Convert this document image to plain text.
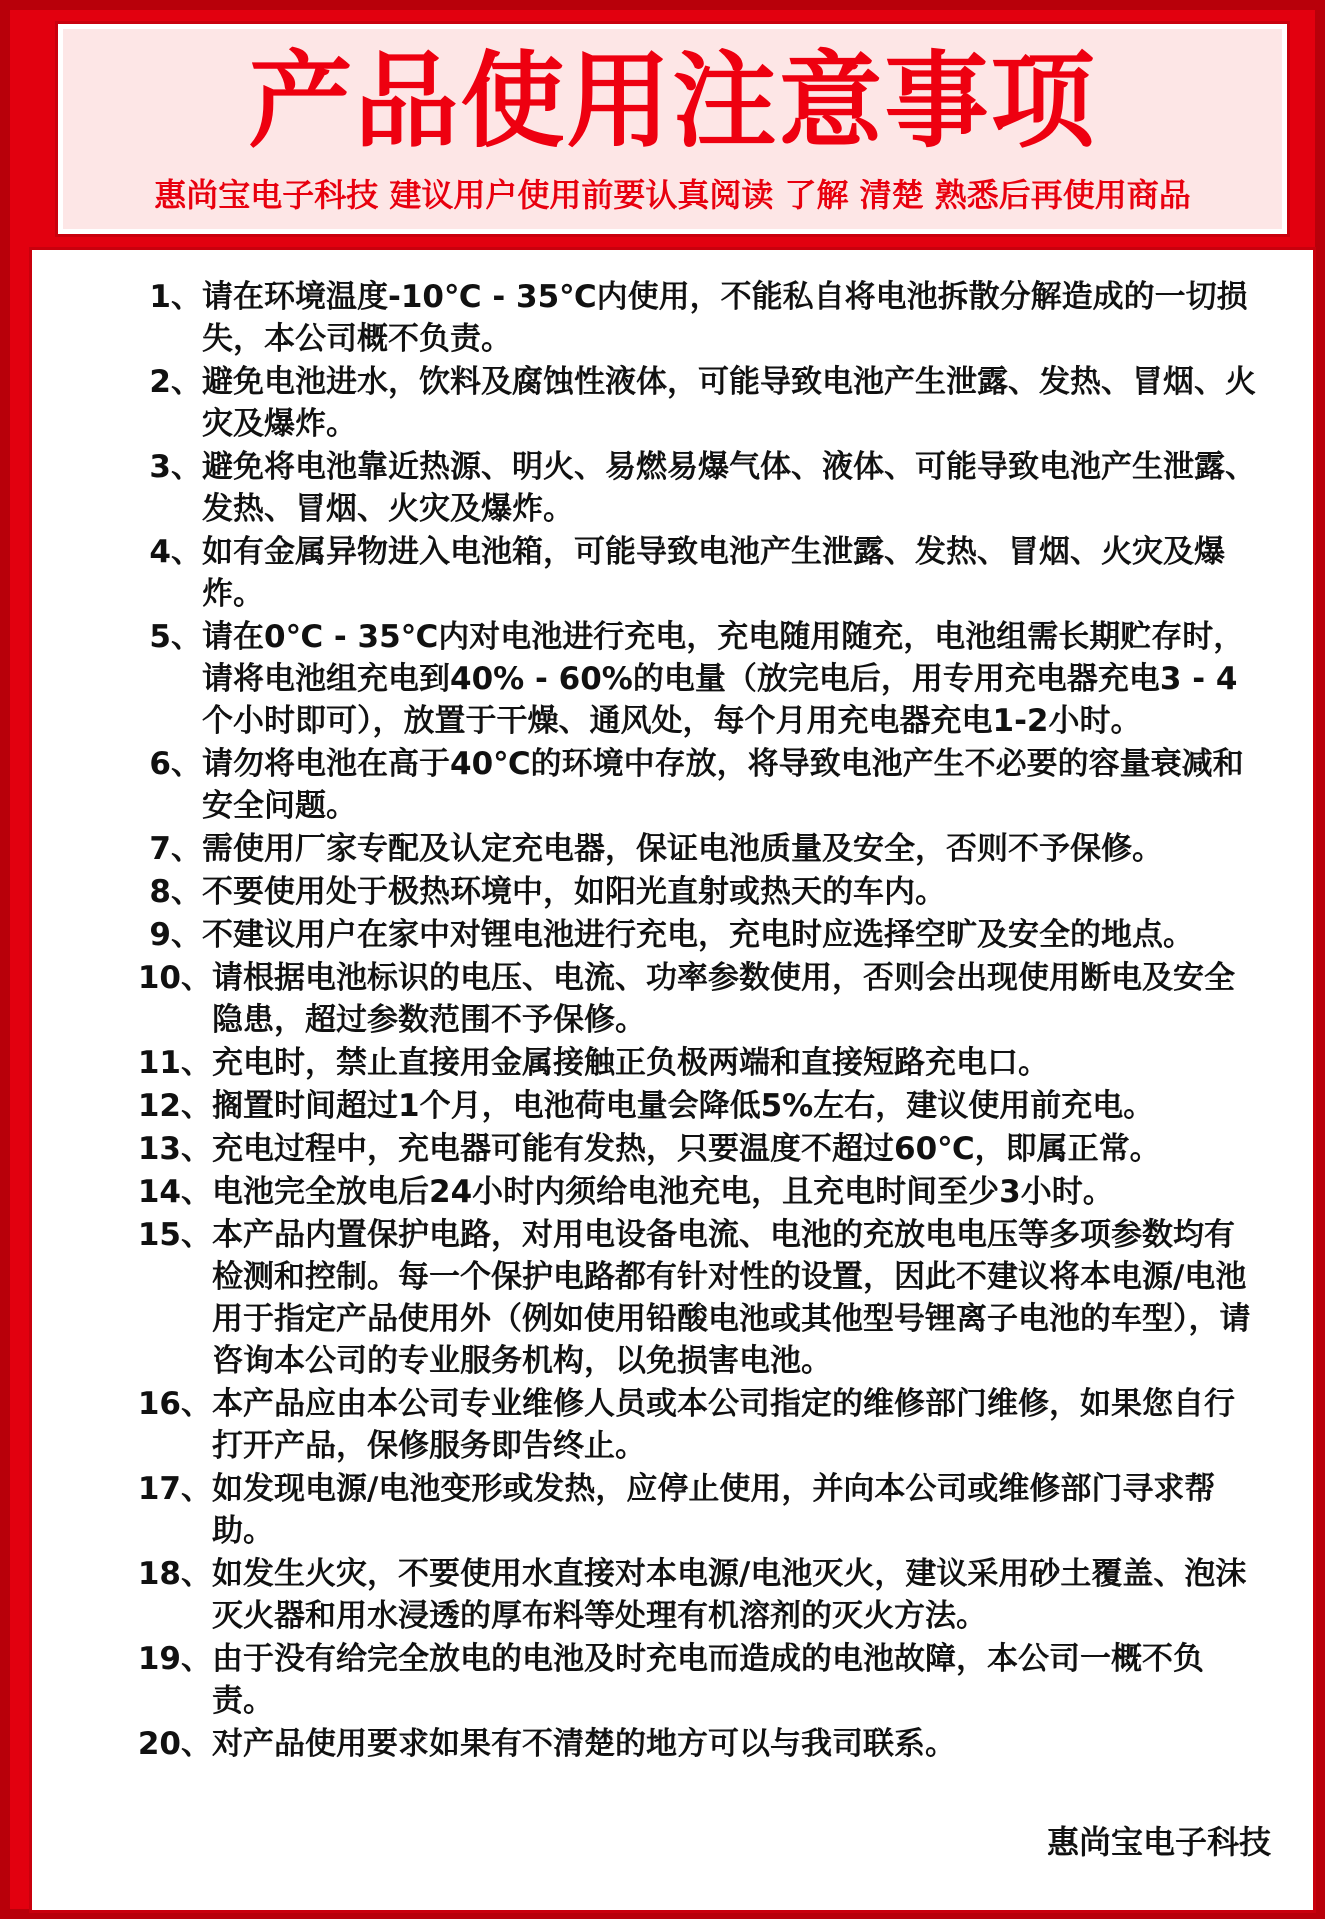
产品使用注意事项

惠尚宝电子科技 建议用户使用前要认真阅读 了解 清楚 熟悉后再使用商品

1、 请在环境温度-10℃ - 35℃内使用，不能私自将电池拆散分解造成的一切损失，本公司概不负责。
2、 避免电池进水，饮料及腐蚀性液体，可能导致电池产生泄露、发热、冒烟、火灾及爆炸。
3、 避免将电池靠近热源、明火、易燃易爆气体、液体、可能导致电池产生泄露、发热、冒烟、火灾及爆炸。
4、 如有金属异物进入电池箱，可能导致电池产生泄露、发热、冒烟、火灾及爆炸。
5、 请在0℃ - 35℃内对电池进行充电，充电随用随充，电池组需长期贮存时，请将电池组充电到40% - 60%的电量（放完电后，用专用充电器充电3 - 4个小时即可），放置于干燥、通风处，每个月用充电器充电1-2小时。
6、 请勿将电池在高于40℃的环境中存放，将导致电池产生不必要的容量衰减和安全问题。
7、 需使用厂家专配及认定充电器，保证电池质量及安全，否则不予保修。
8、 不要使用处于极热环境中，如阳光直射或热天的车内。
9、 不建议用户在家中对锂电池进行充电，充电时应选择空旷及安全的地点。
10、 请根据电池标识的电压、电流、功率参数使用，否则会出现使用断电及安全隐患，超过参数范围不予保修。
11、 充电时，禁止直接用金属接触正负极两端和直接短路充电口。
12、 搁置时间超过1个月，电池荷电量会降低5%左右，建议使用前充电。
13、 充电过程中，充电器可能有发热，只要温度不超过60℃，即属正常。
14、 电池完全放电后24小时内须给电池充电，且充电时间至少3小时。
15、 本产品内置保护电路，对用电设备电流、电池的充放电电压等多项参数均有检测和控制。每一个保护电路都有针对性的设置，因此不建议将本电源/电池用于指定产品使用外（例如使用铅酸电池或其他型号锂离子电池的车型），请咨询本公司的专业服务机构，以免损害电池。
16、 本产品应由本公司专业维修人员或本公司指定的维修部门维修，如果您自行打开产品，保修服务即告终止。
17、 如发现电源/电池变形或发热，应停止使用，并向本公司或维修部门寻求帮助。
18、 如发生火灾，不要使用水直接对本电源/电池灭火，建议采用砂土覆盖、泡沫灭火器和用水浸透的厚布料等处理有机溶剂的灭火方法。
19、 由于没有给完全放电的电池及时充电而造成的电池故障，本公司一概不负责。
20、 对产品使用要求如果有不清楚的地方可以与我司联系。
惠尚宝电子科技
